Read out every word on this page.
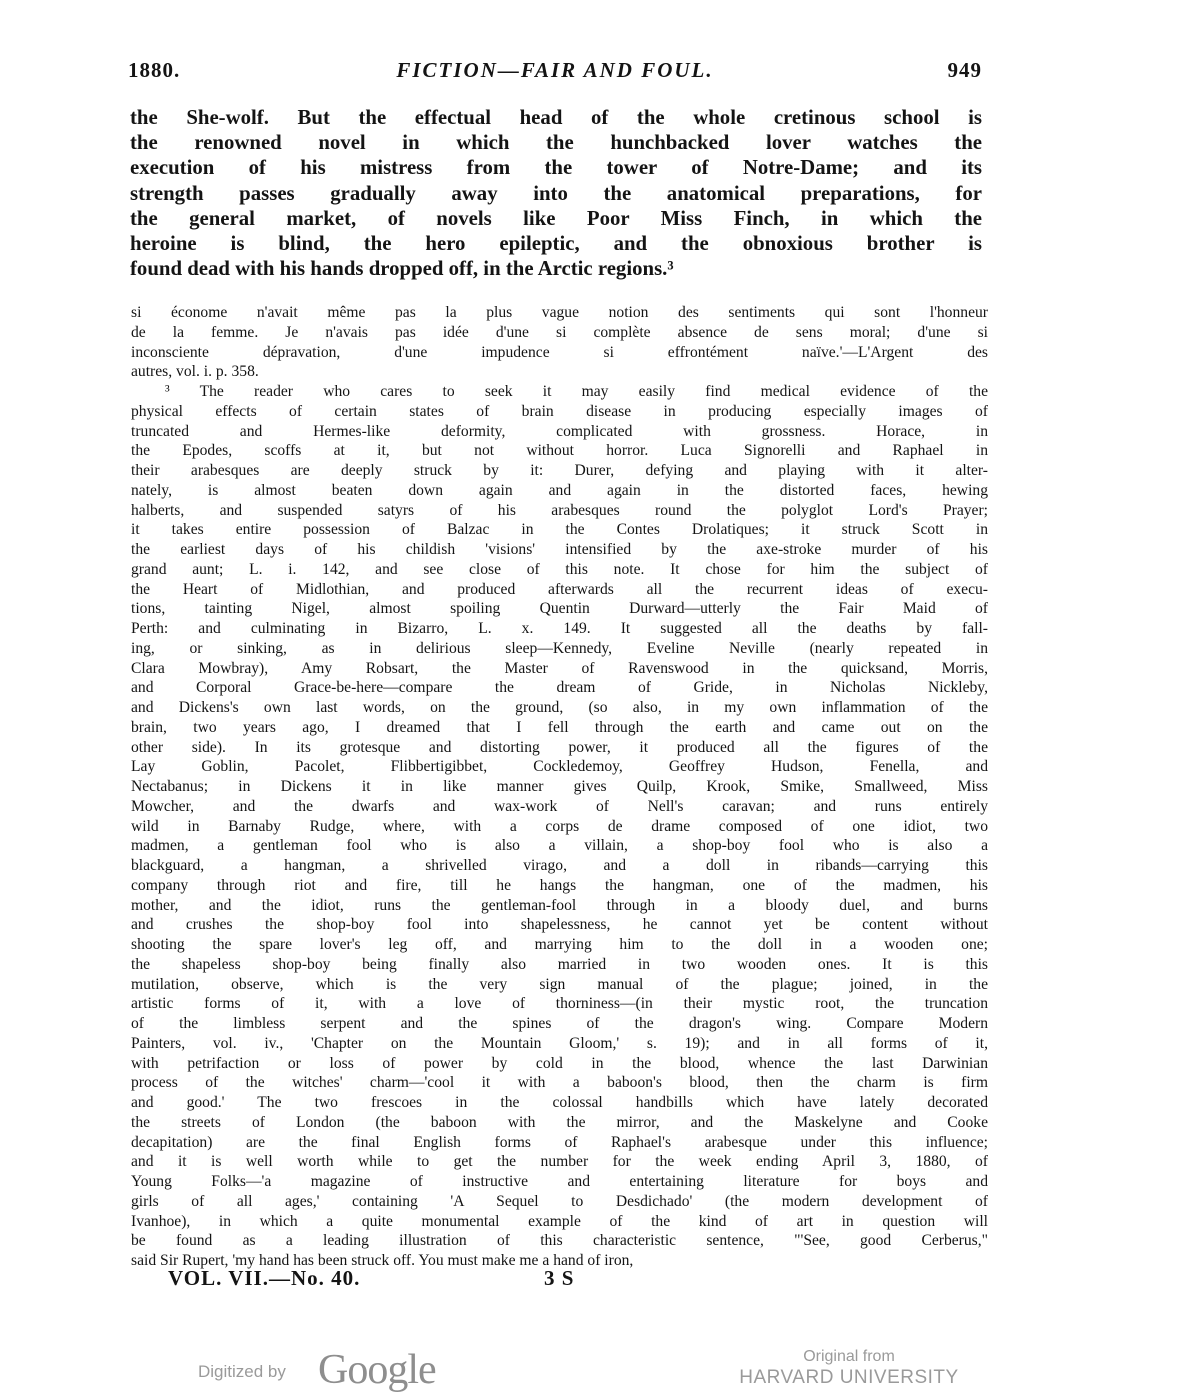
1880.	FICTION—FAIR AND FOUL.	949
the She-wolf. But the effectual head of the whole cretinous school is
the renowned novel in which the hunchbacked lover watches the
execution of his mistress from the tower of Notre-Dame; and its
strength passes gradually away into the anatomical preparations, for
the general market, of novels like Poor Miss Finch, in which the
heroine is blind, the hero epileptic, and the obnoxious brother is
found dead with his hands dropped off, in the Arctic regions.³
si économe n'avait même pas la plus vague notion des sentiments qui sont l'honneur
de la femme. Je n'avais pas idée d'une si complète absence de sens moral; d'une si
inconsciente dépravation, d'une impudence si effrontément naïve.'—L'Argent des
autres, vol. i. p. 358.
³ The reader who cares to seek it may easily find medical evidence of the
physical effects of certain states of brain disease in producing especially images of
truncated and Hermes-like deformity, complicated with grossness. Horace, in
the Epodes, scoffs at it, but not without horror. Luca Signorelli and Raphael in
their arabesques are deeply struck by it: Durer, defying and playing with it alter-
nately, is almost beaten down again and again in the distorted faces, hewing
halberts, and suspended satyrs of his arabesques round the polyglot Lord's Prayer;
it takes entire possession of Balzac in the Contes Drolatiques; it struck Scott in
the earliest days of his childish 'visions' intensified by the axe-stroke murder of his
grand aunt; L. i. 142, and see close of this note. It chose for him the subject of
the Heart of Midlothian, and produced afterwards all the recurrent ideas of execu-
tions, tainting Nigel, almost spoiling Quentin Durward—utterly the Fair Maid of
Perth: and culminating in Bizarro, L. x. 149. It suggested all the deaths by fall-
ing, or sinking, as in delirious sleep—Kennedy, Eveline Neville (nearly repeated in
Clara Mowbray), Amy Robsart, the Master of Ravenswood in the quicksand, Morris,
and Corporal Grace-be-here—compare the dream of Gride, in Nicholas Nickleby,
and Dickens's own last words, on the ground, (so also, in my own inflammation of the
brain, two years ago, I dreamed that I fell through the earth and came out on the
other side). In its grotesque and distorting power, it produced all the figures of the
Lay Goblin, Pacolet, Flibbertigibbet, Cockledemoy, Geoffrey Hudson, Fenella, and
Nectabanus; in Dickens it in like manner gives Quilp, Krook, Smike, Smallweed, Miss
Mowcher, and the dwarfs and wax-work of Nell's caravan; and runs entirely
wild in Barnaby Rudge, where, with a corps de drame composed of one idiot, two
madmen, a gentleman fool who is also a villain, a shop-boy fool who is also a
blackguard, a hangman, a shrivelled virago, and a doll in ribands—carrying this
company through riot and fire, till he hangs the hangman, one of the madmen, his
mother, and the idiot, runs the gentleman-fool through in a bloody duel, and burns
and crushes the shop-boy fool into shapelessness, he cannot yet be content without
shooting the spare lover's leg off, and marrying him to the doll in a wooden one;
the shapeless shop-boy being finally also married in two wooden ones. It is this
mutilation, observe, which is the very sign manual of the plague; joined, in the
artistic forms of it, with a love of thorniness—(in their mystic root, the truncation
of the limbless serpent and the spines of the dragon's wing. Compare Modern
Painters, vol. iv., 'Chapter on the Mountain Gloom,' s. 19); and in all forms of it,
with petrifaction or loss of power by cold in the blood, whence the last Darwinian
process of the witches' charm—'cool it with a baboon's blood, then the charm is firm
and good.' The two frescoes in the colossal handbills which have lately decorated
the streets of London (the baboon with the mirror, and the Maskelyne and Cooke
decapitation) are the final English forms of Raphael's arabesque under this influence;
and it is well worth while to get the number for the week ending April 3, 1880, of
Young Folks—'a magazine of instructive and entertaining literature for boys and
girls of all ages,' containing 'A Sequel to Desdichado' (the modern development of
Ivanhoe), in which a quite monumental example of the kind of art in question will
be found as a leading illustration of this characteristic sentence, "'See, good Cerberus,"
said Sir Rupert, 'my hand has been struck off. You must make me a hand of iron,
VOL. VII.—No. 40.	3 S
Digitized by Google	Original from
HARVARD UNIVERSITY
